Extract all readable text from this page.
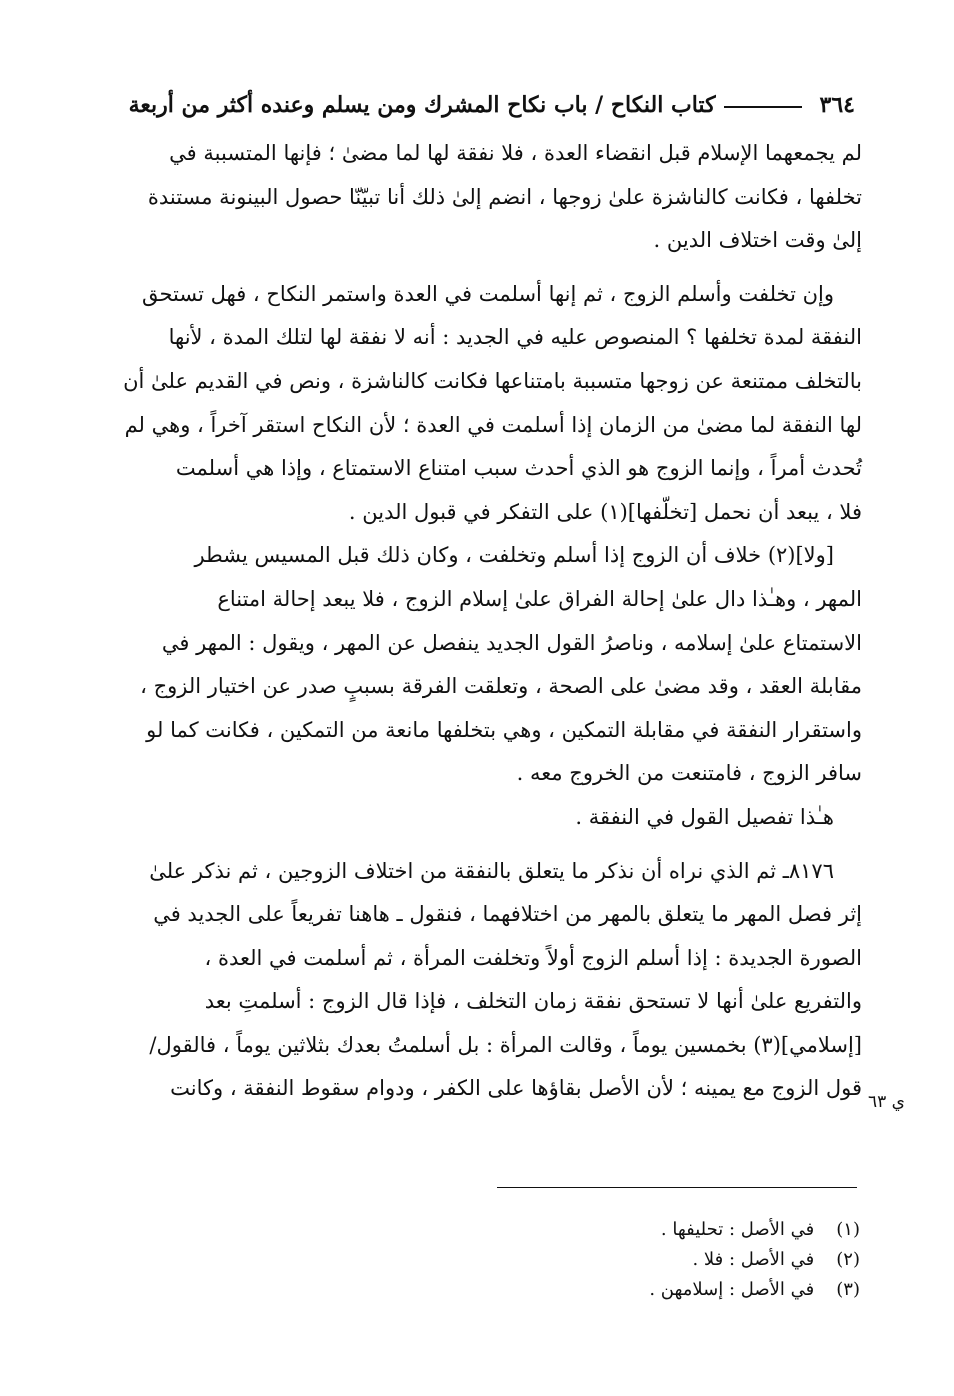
٣٦٤
كتاب النكاح / باب نكاح المشرك ومن يسلم وعنده أكثر من أربعة
لم يجمعهما الإسلام قبل انقضاء العدة ، فلا نفقة لها لما مضىٰ ؛ فإنها المتسببة في
تخلفها ، فكانت كالناشزة علىٰ زوجها ، انضم إلىٰ ذلك أنا تبيّنّا حصول البينونة مستندة
إلىٰ وقت اختلاف الدين .
وإن تخلفت وأسلم الزوج ، ثم إنها أسلمت في العدة واستمر النكاح ، فهل تستحق
النفقة لمدة تخلفها ؟ المنصوص عليه في الجديد : أنه لا نفقة لها لتلك المدة ، لأنها
بالتخلف ممتنعة عن زوجها متسببة بامتناعها فكانت كالناشزة ، ونص في القديم علىٰ أن
لها النفقة لما مضىٰ من الزمان إذا أسلمت في العدة ؛ لأن النكاح استقر آخراً ، وهي لم
تُحدث أمراً ، وإنما الزوج هو الذي أحدث سبب امتناع الاستمتاع ، وإذا هي أسلمت
فلا ، يبعد أن نحمل [تخلّفها](١) على التفكر في قبول الدين .
[ولا](٢) خلاف أن الزوج إذا أسلم وتخلفت ، وكان ذلك قبل المسيس يشطر
المهر ، وهـٰذا دال علىٰ إحالة الفراق علىٰ إسلام الزوج ، فلا يبعد إحالة امتناع
الاستمتاع علىٰ إسلامه ، وناصرُ القول الجديد ينفصل عن المهر ، ويقول : المهر في
مقابلة العقد ، وقد مضىٰ على الصحة ، وتعلقت الفرقة بسببٍ صدر عن اختيار الزوج ،
واستقرار النفقة في مقابلة التمكين ، وهي بتخلفها مانعة من التمكين ، فكانت كما لو
سافر الزوج ، فامتنعت من الخروج معه .
هـٰذا تفصيل القول في النفقة .
٨١٧٦ـ ثم الذي نراه أن نذكر ما يتعلق بالنفقة من اختلاف الزوجين ، ثم نذكر علىٰ
إثر فصل المهر ما يتعلق بالمهر من اختلافهما ، فنقول ـ هاهنا تفريعاً على الجديد في
الصورة الجديدة : إذا أسلم الزوج أولاً وتخلفت المرأة ، ثم أسلمت في العدة ،
والتفريع علىٰ أنها لا تستحق نفقة زمان التخلف ، فإذا قال الزوج : أسلمتِ بعد
[إسلامي](٣) بخمسين يوماً ، وقالت المرأة : بل أسلمتُ بعدك بثلاثين يوماً ، فالقول/
قول الزوج مع يمينه ؛ لأن الأصل بقاؤها على الكفر ، ودوام سقوط النفقة ، وكانت
ي ٦٣
(١) في الأصل : تحليفها .
(٢) في الأصل : فلا .
(٣) في الأصل : إسلامهن .
